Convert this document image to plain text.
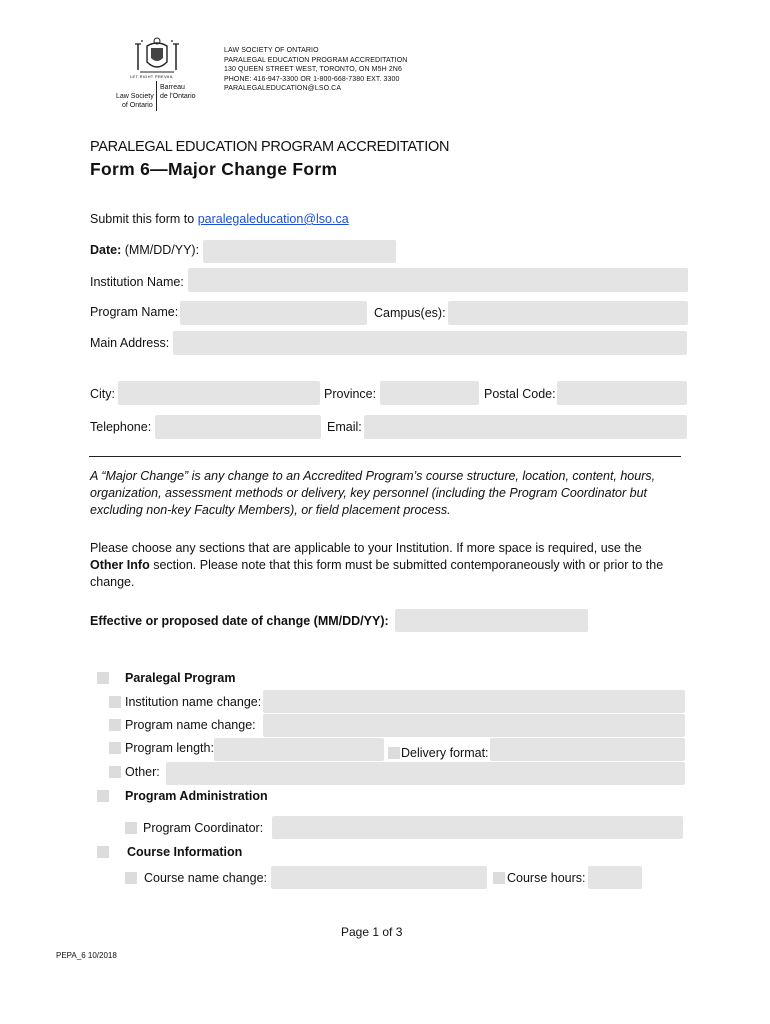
LET RIGHT PREVAIL
Law Society
of Ontario
Barreau
de l'Ontario
LAW SOCIETY OF ONTARIO
PARALEGAL EDUCATION PROGRAM ACCREDITATION
130 QUEEN STREET WEST, TORONTO, ON M5H 2N6
PHONE: 416-947-3300 OR 1-800-668-7380 EXT. 3300
PARALEGALEDUCATION@LSO.CA
PARALEGAL EDUCATION PROGRAM ACCREDITATION
Form 6—Major Change Form
Submit this form to paralegaleducation@lso.ca
Date: (MM/DD/YY):
Institution Name:
Program Name:	Campus(es):
Main Address:
City:	Province:	Postal Code:
Telephone:	Email:
A “Major Change” is any change to an Accredited Program’s course structure, location, content, hours, organization, assessment methods or delivery, key personnel (including the Program Coordinator but excluding non-key Faculty Members), or field placement process.
Please choose any sections that are applicable to your Institution. If more space is required, use the Other Info section. Please note that this form must be submitted contemporaneously with or prior to the change.
Effective or proposed date of change (MM/DD/YY):
Paralegal Program
Institution name change:
Program name change:
Program length:	Delivery format:
Other:
Program Administration
Program Coordinator:
Course Information
Course name change:	Course hours:
Page 1 of 3
PEPA_6 10/2018
